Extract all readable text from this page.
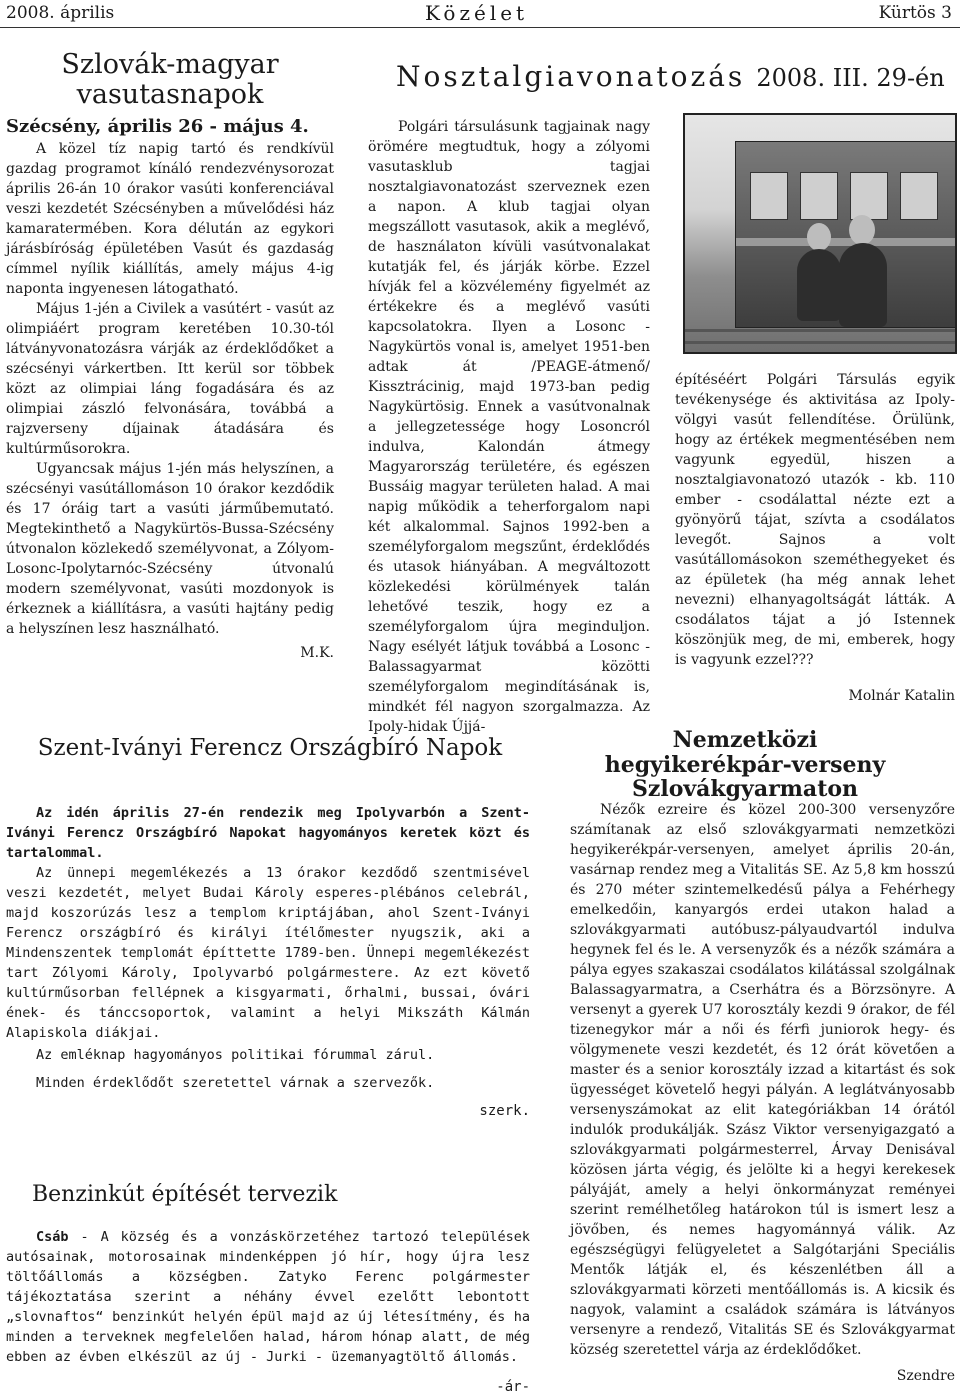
2008. április	Közélet	Kürtös 3
Szlovák-magyar vasutasnapok
Szécsény, április 26 - május 4.

A közel tíz napig tartó és rendkívül gazdag programot kínáló rendezvénysorozat április 26-án 10 órakor vasúti konferenciával veszi kezdetét Szécsényben a művelődési ház kamaratermében. Kora délután az egykori járásbíróság épületében Vasút és gazdaság címmel nyílik kiállítás, amely május 4-ig naponta ingyenesen látogatható.

Május 1-jén a Civilek a vasútért - vasút az olimpiáért program keretében 10.30-tól látványvonatozásra várják az érdeklődőket a szécsényi várkertben. Itt kerül sor többek közt az olimpiai láng fogadására és az olimpiai zászló felvonására, továbbá a rajzverseny díjainak átadására és kultúrműsorokra.

Ugyancsak május 1-jén más helyszínen, a szécsényi vasútállomáson 10 órakor kezdődik és 17 óráig tart a vasúti járműbemutató. Megtekinthető a Nagykürtös-Bussa-Szécsény útvonalon közlekedő személyvonat, a Zólyom-Losonc-Ipolytarnóc-Szécsény útvonalú modern személyvonat, vasúti mozdonyok is érkeznek a kiállításra, a vasúti hajtány pedig a helyszínen lesz használható.

M.K.
Nosztalgiavonatozás 2008. III. 29-én

Polgári társulásunk tagjainak nagy örömére megtudtuk, hogy a zólyomi vasutasklub tagjai nosztalgiavonatozást szerveznek ezen a napon. A klub tagjai olyan megszállott vasutasok, akik a meglévő, de használaton kívüli vasútvonalakat kutatják fel, és járják körbe. Ezzel hívják fel a közvélemény figyelmét az értékekre és a meglévő vasúti kapcsolatokra. Ilyen a Losonc - Nagykürtös vonal is, amelyet 1951-ben adtak át /PEAGE-átmenő/ Kissztrácinig, majd 1973-ban pedig Nagykürtösig. Ennek a vasútvonalnak a jellegzetessége hogy Losoncról indulva, Kalondán átmegy Magyarország területére, és egészen Bussáig magyar területen halad. A mai napig működik a teherforgalom napi két alkalommal. Sajnos 1992-ben a személyforgalom megszűnt, érdeklődés és utasok hiányában. A megváltozott közlekedési körülmények talán lehetővé teszik, hogy ez a személyforgalom újra meginduljon. Nagy esélyét látjuk továbbá a Losonc - Balassagyarmat közötti személyforgalom megindításának is, mindkét fél nagyon szorgalmazza. Az Ipoly-hidak Újjá-

építéséért Polgári Társulás egyik tevékenysége és aktivitása az Ipoly-völgyi vasút fellendítése. Örülünk, hogy az értékek megmentésében nem vagyunk egyedül, hiszen a nosztalgiavonatozó utazók - kb. 110 ember - csodálattal nézte ezt a gyönyörű tájat, szívta a csodálatos levegőt. Sajnos a volt vasútállomásokon szeméthegyeket és az épületek (ha még annak lehet nevezni) elhanyagoltságát látták. A csodálatos tájat a jó Istennek köszönjük meg, de mi, emberek, hogy is vagyunk ezzel???

Molnár Katalin
Szent-Iványi Ferencz Országbíró Napok

Az idén április 27-én rendezik meg Ipolyvarbón a Szent-Iványi Ferencz Országbíró Napokat hagyományos keretek közt és tartalommal.

Az ünnepi megemlékezés a 13 órakor kezdődő szentmisével veszi kezdetét, melyet Budai Károly esperes-plébános celebrál, majd koszorúzás lesz a templom kriptájában, ahol Szent-Iványi Ferencz országbíró és királyi ítélőmester nyugszik, aki a Mindenszentek templomát építtette 1789-ben. Ünnepi megemlékezést tart Zólyomi Károly, Ipolyvarbó polgármestere. Az ezt követő kultúrműsorban fellépnek a kisgyarmati, őrhalmi, bussai, óvári ének- és tánccsoportok, valamint a helyi Mikszáth Kálmán Alapiskola diákjai.

Az emléknap hagyományos politikai fórummal zárul.

Minden érdeklődőt szeretettel várnak a szervezők.

szerk.
Benzinkút építését tervezik

Csáb - A község és a vonzáskörzetéhez tartozó települések autósainak, motorosainak mindenképpen jó hír, hogy újra lesz töltőállomás a községben. Zatyko Ferenc polgármester tájékoztatása szerint a néhány évvel ezelőtt lebontott „slovnaftos“ benzinkút helyén épül majd az új létesítmény, és ha minden a terveknek megfelelően halad, három hónap alatt, de még ebben az évben elkészül az új - Jurki - üzemanyagtöltő állomás.

-ár-
Nemzetközi hegyikerékpár-verseny Szlovákgyarmaton

Nézők ezreire és közel 200-300 versenyzőre számítanak az első szlovákgyarmati nemzetközi hegyikerékpár-versenyen, amelyet április 20-án, vasárnap rendez meg a Vitalitás SE. Az 5,8 km hosszú és 270 méter szintemelkedésű pálya a Fehérhegy emelkedőin, kanyargós erdei utakon halad a szlovákgyarmati autóbusz-pályaudvartól indulva hegynek fel és le. A versenyzők és a nézők számára a pálya egyes szakaszai csodálatos kilátással szolgálnak Balassagyarmatra, a Cserhátra és a Börzsönyre. A versenyt a gyerek U7 korosztály kezdi 9 órakor, de fél tizenegykor már a női és férfi juniorok hegy- és völgymenete veszi kezdetét, és 12 órát követően a master és a senior korosztály izzad a kitartást és sok ügyességet követelő hegyi pályán. A leglátványosabb versenyszámokat az elit kategóriákban 14 órától indulók produkálják. Szász Viktor versenyigazgató a szlovákgyarmati polgármesterrel, Árvay Denisával közösen járta végig, és jelölte ki a hegyi kerekesek pályáját, amely a helyi önkormányzat reményei szerint remélhetőleg határokon túl is ismert lesz a jövőben, és nemes hagyománnyá válik. Az egészségügyi felügyeletet a Salgótarjáni Speciális Mentők látják el, és készenlétben áll a szlovákgyarmati körzeti mentőállomás is. A kicsik és nagyok, valamint a családok számára is látványos versenyre a rendező, Vitalitás SE és Szlovákgyarmat község szeretettel várja az érdeklődőket.

Szendre
